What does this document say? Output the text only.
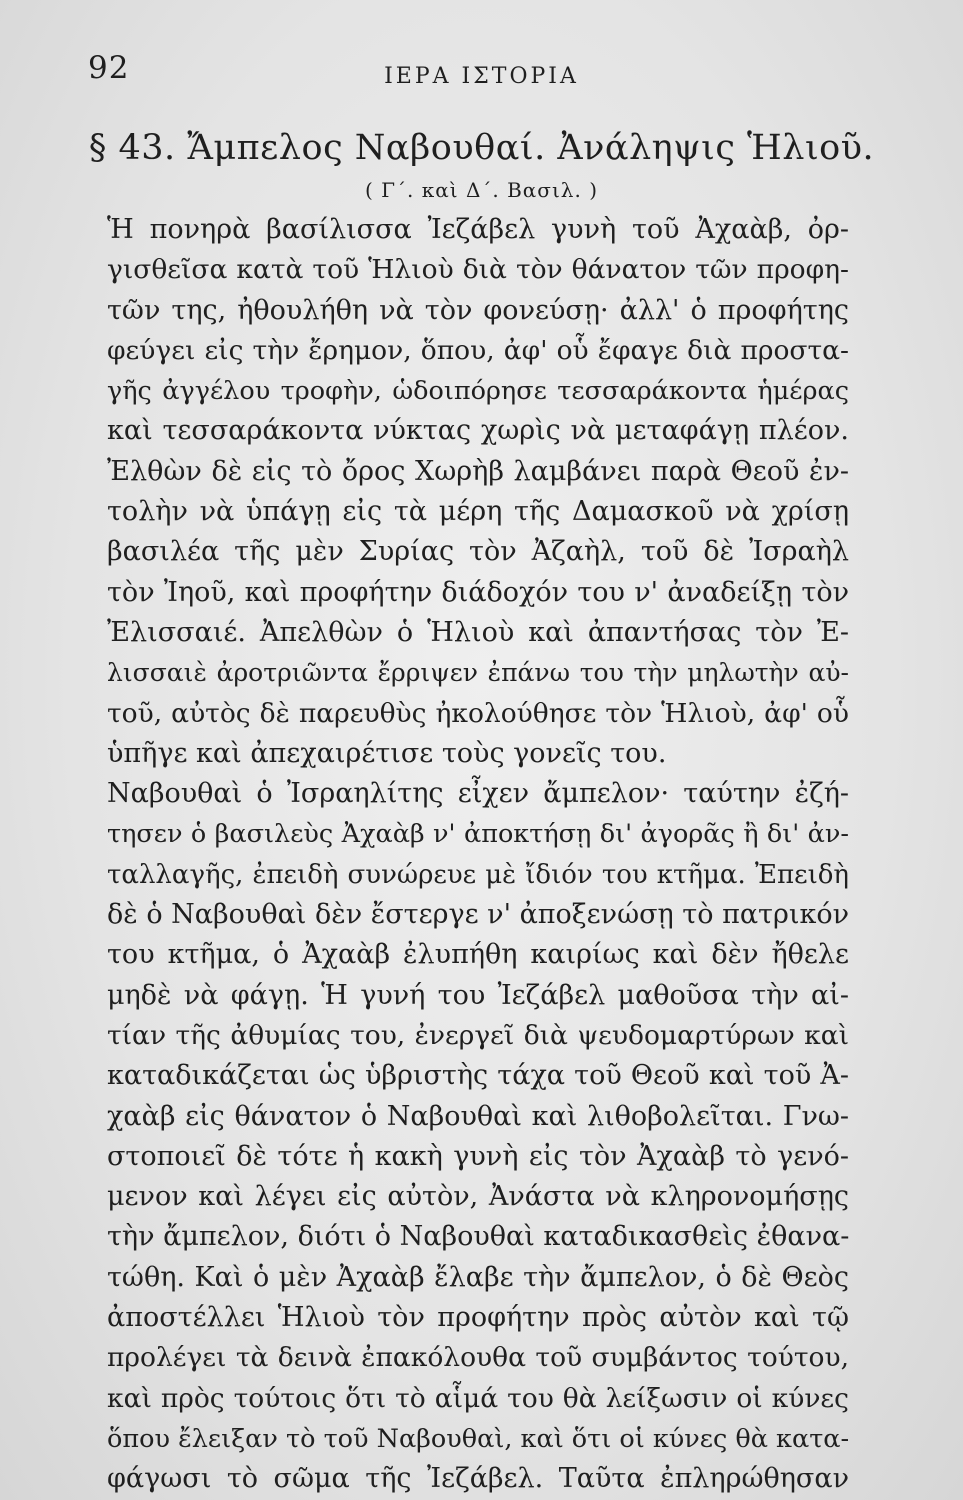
92	ΙΕΡΑ ΙΣΤΟΡΙΑ
§ 43. Ἄμπελος Ναβουθαί. Ἀνάληψις Ἡλιοῦ.
( Γ΄. καὶ Δ΄. Βασιλ. )
Ἡ πονηρὰ βασίλισσα Ἰεζάβελ γυνὴ τοῦ Ἀχαὰβ, ὀρ-
γισθεῖσα κατὰ τοῦ Ἡλιοὺ διὰ τὸν θάνατον τῶν προφη-
τῶν της, ἠθουλήθη νὰ τὸν φονεύσῃ· ἀλλ' ὁ προφήτης
φεύγει εἰς τὴν ἔρημον, ὅπου, ἀφ' οὗ ἔφαγε διὰ προστα-
γῆς ἀγγέλου τροφὴν, ὡδοιπόρησε τεσσαράκοντα ἡμέρας
καὶ τεσσαράκοντα νύκτας χωρὶς νὰ μεταφάγῃ πλέον.
Ἐλθὼν δὲ εἰς τὸ ὄρος Χωρὴβ λαμβάνει παρὰ Θεοῦ ἐν-
τολὴν νὰ ὑπάγῃ εἰς τὰ μέρη τῆς Δαμασκοῦ νὰ χρίσῃ
βασιλέα τῆς μὲν Συρίας τὸν Ἀζαὴλ, τοῦ δὲ Ἰσραὴλ
τὸν Ἰηοῦ, καὶ προφήτην διάδοχόν του ν' ἀναδείξῃ τὸν
Ἐλισσαιέ. Ἀπελθὼν ὁ Ἡλιοὺ καὶ ἀπαντήσας τὸν Ἐ-
λισσαιὲ ἀροτριῶντα ἔρριψεν ἐπάνω του τὴν μηλωτὴν αὐ-
τοῦ, αὐτὸς δὲ παρευθὺς ἠκολούθησε τὸν Ἡλιοὺ, ἀφ' οὗ
ὑπῆγε καὶ ἀπεχαιρέτισε τοὺς γονεῖς του.
Ναβουθαὶ ὁ Ἰσραηλίτης εἶχεν ἄμπελον· ταύτην ἐζή-
τησεν ὁ βασιλεὺς Ἀχαὰβ ν' ἀποκτήσῃ δι' ἀγορᾶς ἢ δι' ἀν-
ταλλαγῆς, ἐπειδὴ συνώρευε μὲ ἴδιόν του κτῆμα. Ἐπειδὴ
δὲ ὁ Ναβουθαὶ δὲν ἔστεργε ν' ἀποξενώσῃ τὸ πατρικόν
του κτῆμα, ὁ Ἀχαὰβ ἐλυπήθη καιρίως καὶ δὲν ἤθελε
μηδὲ νὰ φάγῃ. Ἡ γυνή του Ἰεζάβελ μαθοῦσα τὴν αἰ-
τίαν τῆς ἀθυμίας του, ἐνεργεῖ διὰ ψευδομαρτύρων καὶ
καταδικάζεται ὡς ὑβριστὴς τάχα τοῦ Θεοῦ καὶ τοῦ Ἀ-
χαὰβ εἰς θάνατον ὁ Ναβουθαὶ καὶ λιθοβολεῖται. Γνω-
στοποιεῖ δὲ τότε ἡ κακὴ γυνὴ εἰς τὸν Ἀχαὰβ τὸ γενό-
μενον καὶ λέγει εἰς αὐτὸν, Ἀνάστα νὰ κληρονομήσῃς
τὴν ἄμπελον, διότι ὁ Ναβουθαὶ καταδικασθεὶς ἐθανα-
τώθη. Καὶ ὁ μὲν Ἀχαὰβ ἔλαβε τὴν ἄμπελον, ὁ δὲ Θεὸς
ἀποστέλλει Ἡλιοὺ τὸν προφήτην πρὸς αὐτὸν καὶ τῷ
προλέγει τὰ δεινὰ ἐπακόλουθα τοῦ συμβάντος τούτου,
καὶ πρὸς τούτοις ὅτι τὸ αἷμά του θὰ λείξωσιν οἱ κύνες
ὅπου ἔλειξαν τὸ τοῦ Ναβουθαὶ, καὶ ὅτι οἱ κύνες θὰ κατα-
φάγωσι τὸ σῶμα τῆς Ἰεζάβελ. Ταῦτα ἐπληρώθησαν
